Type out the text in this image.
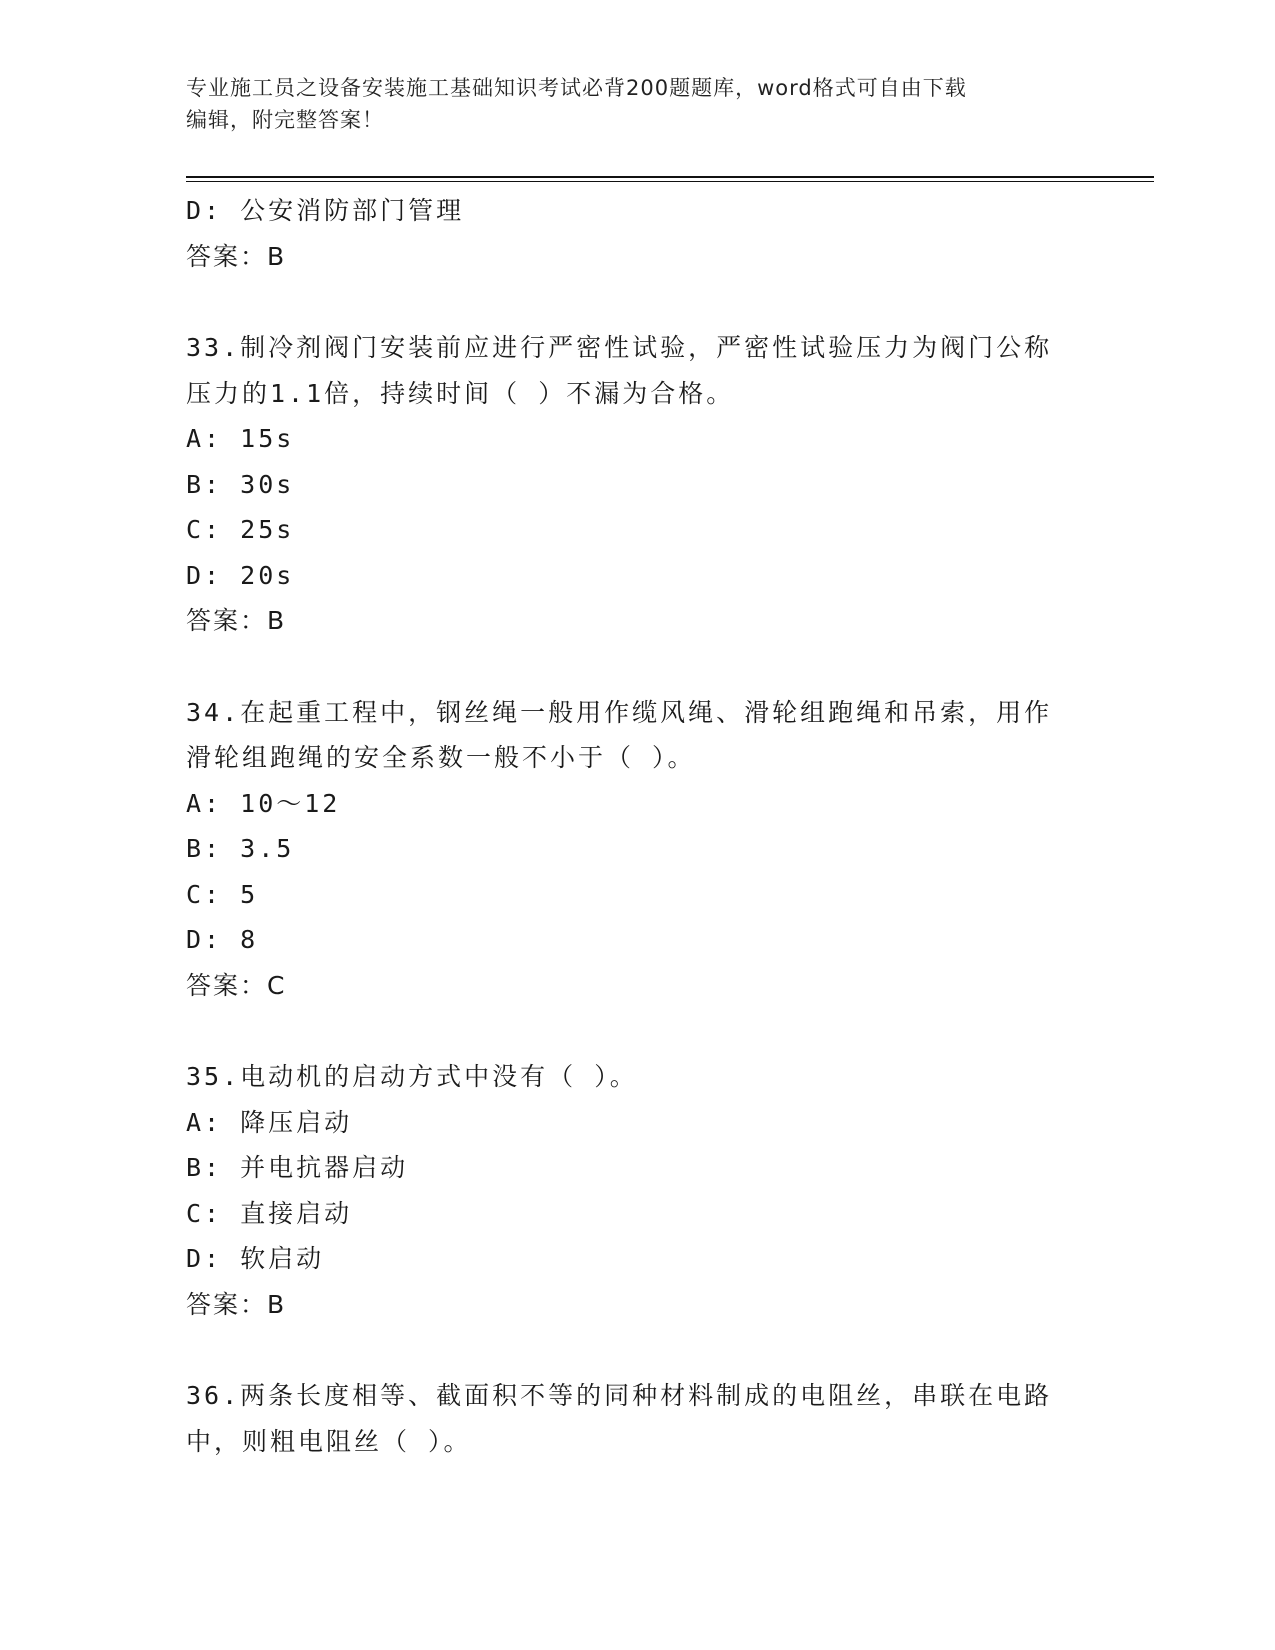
专业施工员之设备安装施工基础知识考试必背200题题库，word格式可自由下载
编辑，附完整答案！
D: 公安消防部门管理
答案：B
33.制冷剂阀门安装前应进行严密性试验，严密性试验压力为阀门公称
压力的1.1倍，持续时间（ ）不漏为合格。
A: 15s
B: 30s
C: 25s
D: 20s
答案：B
34.在起重工程中，钢丝绳一般用作缆风绳、滑轮组跑绳和吊索，用作
滑轮组跑绳的安全系数一般不小于（ ）。
A: 10～12
B: 3.5
C: 5
D: 8
答案：C
35.电动机的启动方式中没有（ ）。
A: 降压启动
B: 并电抗器启动
C: 直接启动
D: 软启动
答案：B
36.两条长度相等、截面积不等的同种材料制成的电阻丝，串联在电路
中，则粗电阻丝（ ）。
